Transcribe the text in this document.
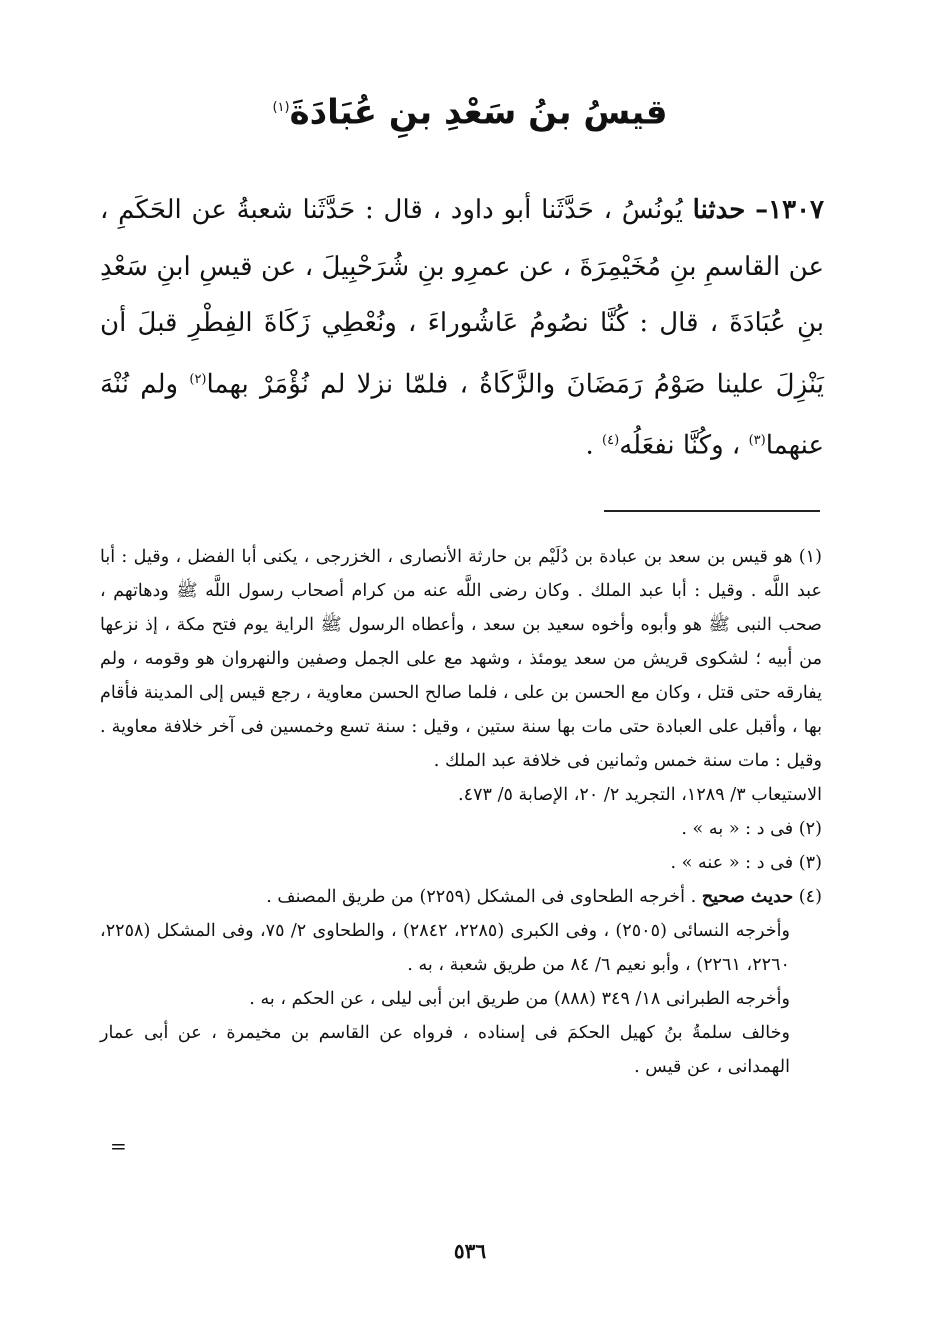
قيسُ بنُ سَعْدِ بنِ عُبَادَةَ$^{(١)}$
١٣٠٧– حدثنا يُونُسُ ، حَدَّثَنا أبو داود ، قال : حَدَّثَنا شعبةُ عن الحَكَمِ ، عن القاسمِ بنِ مُخَيْمِرَةَ ، عن عمرِو بنِ شُرَحْبِيلَ ، عن قيسِ ابنِ سَعْدِ بنِ عُبَادَةَ ، قال : كُنَّا نصُومُ عَاشُوراءَ ، ونُعْطِي زَكَاةَ الفِطْرِ قبلَ أن يَنْزِلَ علينا صَوْمُ رَمَضَانَ والزَّكَاةُ ، فلمّا نزلا لم نُؤْمَرْ بهما$^{(٢)}$ ولم نُنْهَ عنهما$^{(٣)}$ ، وكُنَّا نفعَلُه$^{(٤)}$ .

(١) هو قيس بن سعد بن عبادة بن دُلَيْم بن حارثة الأنصارى ، الخزرجى ، يكنى أبا الفضل ، وقيل : أبا عبد اللَّه . وقيل : أبا عبد الملك . وكان رضى اللَّه عنه من كرام أصحاب رسول اللَّه ﷺ ودهاتهم ، صحب النبى ﷺ هو وأبوه وأخوه سعيد بن سعد ، وأعطاه الرسول ﷺ الراية يوم فتح مكة ، إذ نزعها من أبيه ؛ لشكوى قريش من سعد يومئذ ، وشهد مع على الجمل وصفين والنهروان هو وقومه ، ولم يفارقه حتى قتل ، وكان مع الحسن بن على ، فلما صالح الحسن معاوية ، رجع قيس إلى المدينة فأقام بها ، وأقبل على العبادة حتى مات بها سنة ستين ، وقيل : سنة تسع وخمسين فى آخر خلافة معاوية . وقيل : مات سنة خمس وثمانين فى خلافة عبد الملك .

الاستيعاب ٣/ ١٢٨٩، التجريد ٢/ ٢٠، الإصابة ٥/ ٤٧٣.

(٢) فى د : « به » .

(٣) فى د : « عنه » .

(٤) حديث صحيح . أخرجه الطحاوى فى المشكل (٢٢٥٩) من طريق المصنف .

وأخرجه النسائى (٢٥٠٥) ، وفى الكبرى (٢٢٨٥، ٢٨٤٢) ، والطحاوى ٢/ ٧٥، وفى المشكل (٢٢٥٨، ٢٢٦٠، ٢٢٦١) ، وأبو نعيم ٦/ ٨٤ من طريق شعبة ، به .

وأخرجه الطبرانى ١٨/ ٣٤٩ (٨٨٨) من طريق ابن أبى ليلى ، عن الحكم ، به .

وخالف سلمةُ بنُ كهيل الحكمَ فى إسناده ، فرواه عن القاسم بن مخيمرة ، عن أبى عمار الهمدانى ، عن قيس .

=
٥٣٦
